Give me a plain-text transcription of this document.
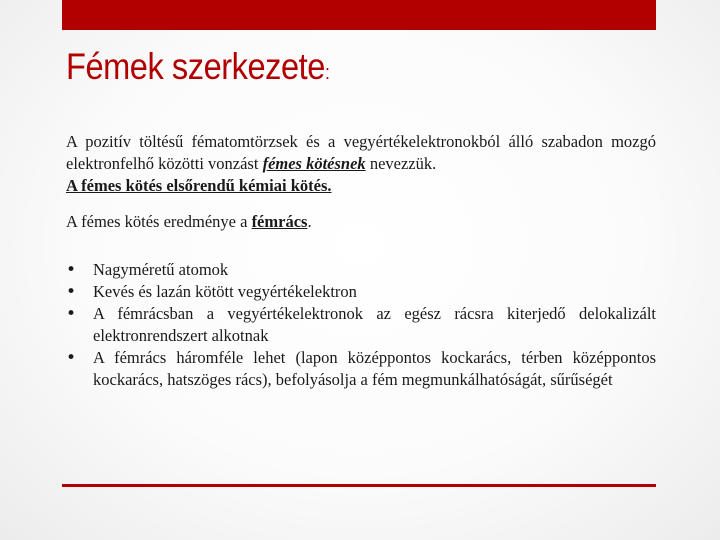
Fémek szerkezete:

A pozitív töltésű fématomtörzsek és a vegyértékelektronokból álló szabadon mozgó elektronfelhő közötti vonzást fémes kötésnek nevezzük.
A fémes kötés elsőrendű kémiai kötés.

A fémes kötés eredménye a fémrács.

• Nagyméretű atomok
• Kevés és lazán kötött vegyértékelektron
• A fémrácsban a vegyértékelektronok az egész rácsra kiterjedő delokalizált elektronrendszert alkotnak
• A fémrács háromféle lehet (lapon középpontos kockarács, térben középpontos kockarács, hatszöges rács), befolyásolja a fém megmunkálhatóságát, sűrűségét
